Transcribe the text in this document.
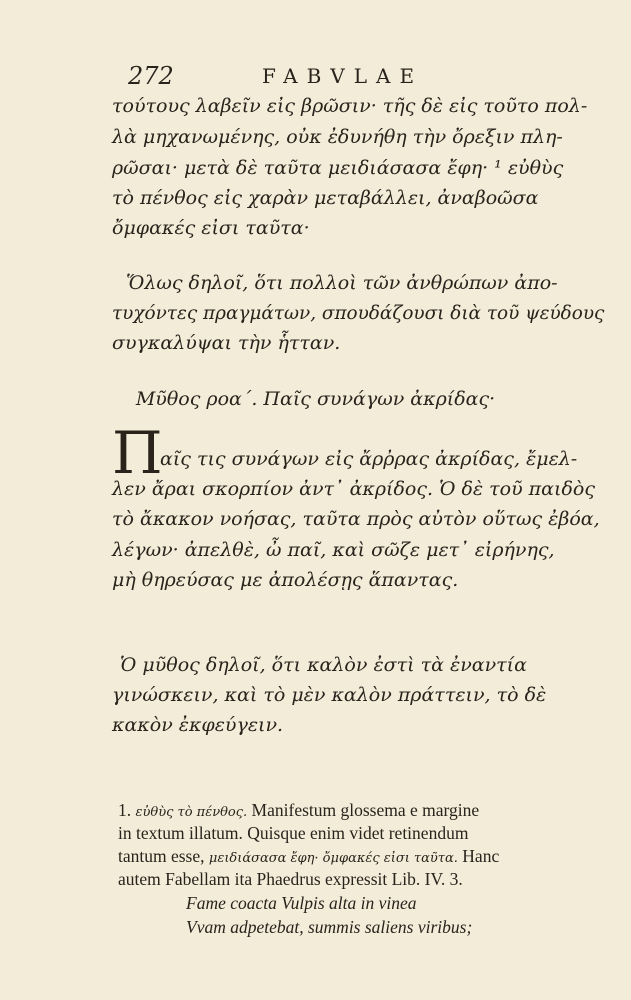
272	FABVLAE
τούτους λαβεῖν εἰς βρῶσιν· τῆς δὲ εἰς τοῦτο πολ-
λὰ μηχανωμένης, οὐκ ἐδυνήθη τὴν ὄρεξιν πλη-
ρῶσαι· μετὰ δὲ ταῦτα μειδιάσασα ἔφη· ¹ εὐθὺς
τὸ πένθος εἰς χαρὰν μεταβάλλει, ἀναβοῶσα
ὄμφακές εἰσι ταῦτα·
Ὅλως δηλοῖ, ὅτι πολλοὶ τῶν ἀνθρώπων ἀπο-
τυχόντες πραγμάτων, σπουδάζουσι διὰ τοῦ ψεύδους
συγκαλύψαι τὴν ἧτταν.
Μῦθος ροα΄. Παῖς συνάγων ἀκρίδας·
Π
αῖς τις συνάγων εἰς ἄρῤρας ἀκρίδας, ἔμελ-
λεν ἄραι σκορπίον ἀντ᾽ ἀκρίδος. Ὁ δὲ τοῦ παιδὸς
τὸ ἄκακον νοήσας, ταῦτα πρὸς αὐτὸν οὕτως ἐβόα,
λέγων· ἀπελθὲ, ὦ παῖ, καὶ σῶζε μετ᾽ εἰρήνης,
μὴ θηρεύσας με ἀπολέσῃς ἅπαντας.
Ὁ μῦθος δηλοῖ, ὅτι καλὸν ἐστὶ τὰ ἐναντία
γινώσκειν, καὶ τὸ μὲν καλὸν πράττειν, τὸ δὲ
κακὸν ἐκφεύγειν.
1. εὐθὺς τὸ πένθος. Manifestum glossema e margine
in textum illatum. Quisque enim videt retinendum
tantum esse, μειδιάσασα ἔφη· ὄμφακές εἰσι ταῦτα. Hanc
autem Fabellam ita Phaedrus expressit Lib. IV. 3.
Fame coacta Vulpis alta in vinea
Vvam adpetebat, summis saliens viribus;
